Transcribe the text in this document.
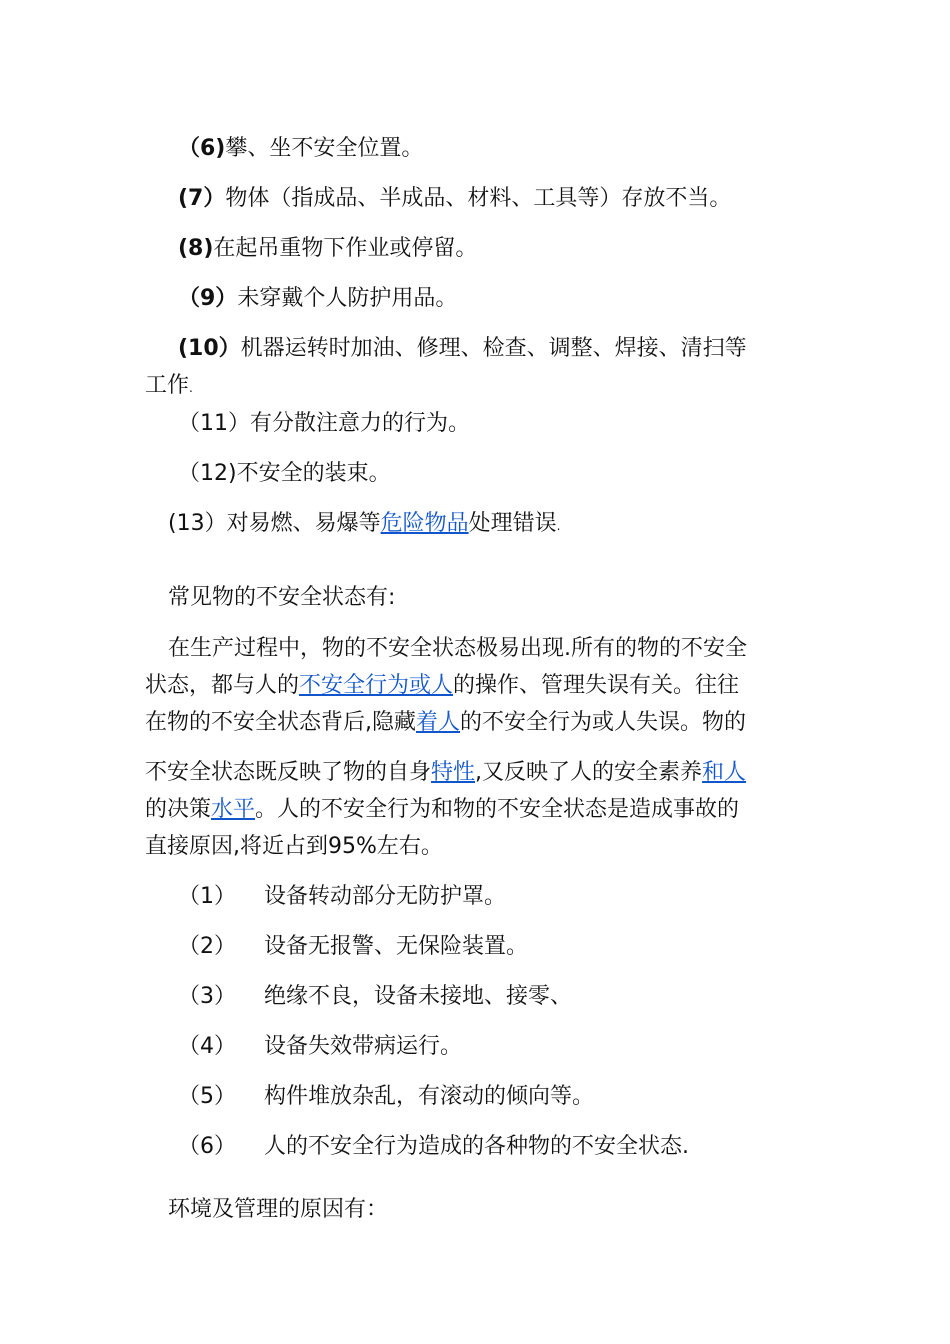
（6)攀、坐不安全位置。
(7）物体（指成品、半成品、材料、工具等）存放不当。
(8)在起吊重物下作业或停留。
（9）未穿戴个人防护用品。
(10）机器运转时加油、修理、检查、调整、焊接、清扫等
工作.
（11）有分散注意力的行为。
（12)不安全的装束。
(13）对易燃、易爆等危险物品处理错误.
常见物的不安全状态有:
在生产过程中，物的不安全状态极易出现.所有的物的不安全
状态，都与人的不安全行为或人的操作、管理失误有关。往往
在物的不安全状态背后,隐藏着人的不安全行为或人失误。物的
不安全状态既反映了物的自身特性,又反映了人的安全素养和人
的决策水平。人的不安全行为和物的不安全状态是造成事故的
直接原因,将近占到95%左右。
（1） 设备转动部分无防护罩。
（2） 设备无报警、无保险装置。
（3） 绝缘不良，设备未接地、接零、
（4） 设备失效带病运行。
（5） 构件堆放杂乱，有滚动的倾向等。
（6） 人的不安全行为造成的各种物的不安全状态.
环境及管理的原因有：
